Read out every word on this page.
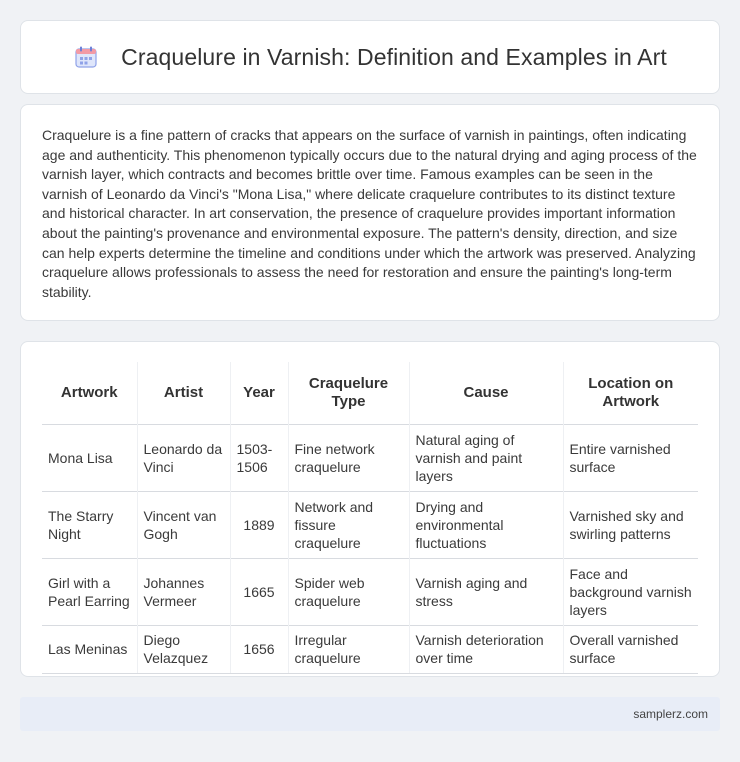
Craquelure in Varnish: Definition and Examples in Art

Craquelure is a fine pattern of cracks that appears on the surface of varnish in paintings, often indicating age and authenticity. This phenomenon typically occurs due to the natural drying and aging process of the varnish layer, which contracts and becomes brittle over time. Famous examples can be seen in the varnish of Leonardo da Vinci's "Mona Lisa," where delicate craquelure contributes to its distinct texture and historical character. In art conservation, the presence of craquelure provides important information about the painting's provenance and environmental exposure. The pattern's density, direction, and size can help experts determine the timeline and conditions under which the artwork was preserved. Analyzing craquelure allows professionals to assess the need for restoration and ensure the painting's long-term stability.

Artwork	Artist	Year	Craquelure Type	Cause	Location on Artwork
Mona Lisa	Leonardo da Vinci	1503-1506	Fine network craquelure	Natural aging of varnish and paint layers	Entire varnished surface
The Starry Night	Vincent van Gogh	1889	Network and fissure craquelure	Drying and environmental fluctuations	Varnished sky and swirling patterns
Girl with a Pearl Earring	Johannes Vermeer	1665	Spider web craquelure	Varnish aging and stress	Face and background varnish layers
Las Meninas	Diego Velazquez	1656	Irregular craquelure	Varnish deterioration over time	Overall varnished surface
samplerz.com
